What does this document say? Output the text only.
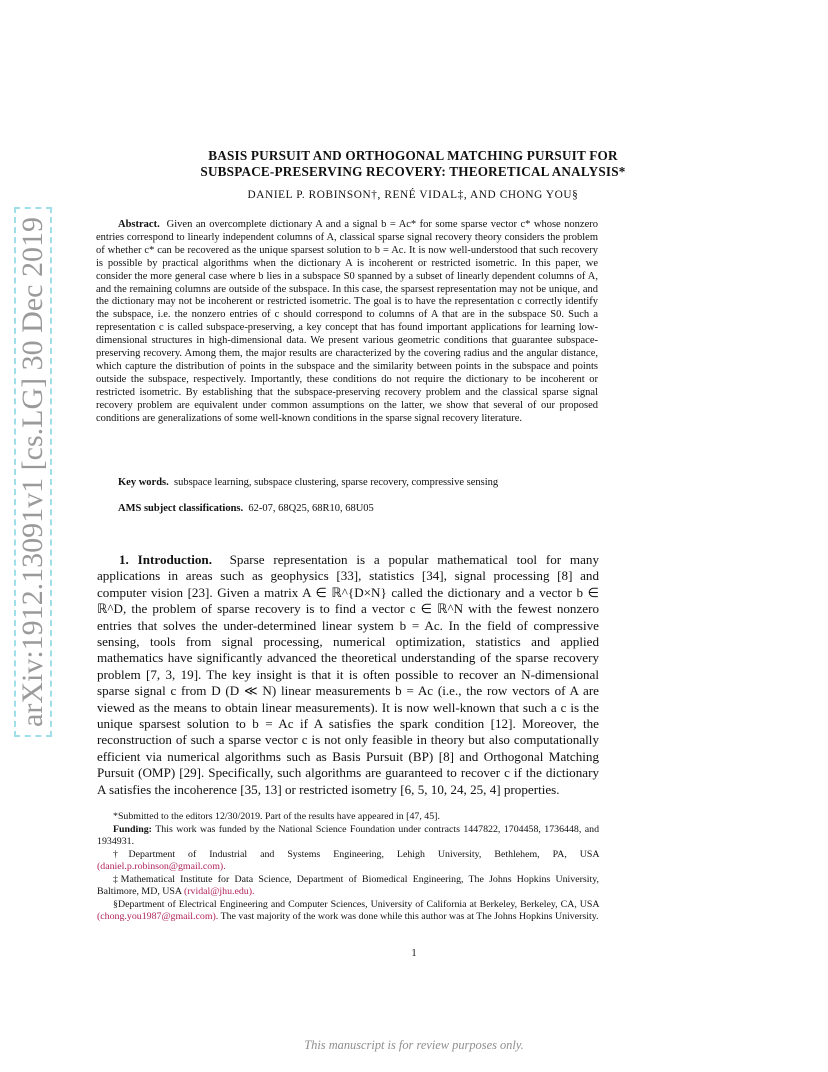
arXiv:1912.13091v1 [cs.LG] 30 Dec 2019
BASIS PURSUIT AND ORTHOGONAL MATCHING PURSUIT FOR
SUBSPACE-PRESERVING RECOVERY: THEORETICAL ANALYSIS*
DANIEL P. ROBINSON†, RENÉ VIDAL‡, AND CHONG YOU§
Abstract. Given an overcomplete dictionary A and a signal b = Ac* for some sparse vector c* whose nonzero entries correspond to linearly independent columns of A, classical sparse signal recovery theory considers the problem of whether c* can be recovered as the unique sparsest solution to b = Ac. It is now well-understood that such recovery is possible by practical algorithms when the dictionary A is incoherent or restricted isometric. In this paper, we consider the more general case where b lies in a subspace S0 spanned by a subset of linearly dependent columns of A, and the remaining columns are outside of the subspace. In this case, the sparsest representation may not be unique, and the dictionary may not be incoherent or restricted isometric. The goal is to have the representation c correctly identify the subspace, i.e. the nonzero entries of c should correspond to columns of A that are in the subspace S0. Such a representation c is called subspace-preserving, a key concept that has found important applications for learning low-dimensional structures in high-dimensional data. We present various geometric conditions that guarantee subspace-preserving recovery. Among them, the major results are characterized by the covering radius and the angular distance, which capture the distribution of points in the subspace and the similarity between points in the subspace and points outside the subspace, respectively. Importantly, these conditions do not require the dictionary to be incoherent or restricted isometric. By establishing that the subspace-preserving recovery problem and the classical sparse signal recovery problem are equivalent under common assumptions on the latter, we show that several of our proposed conditions are generalizations of some well-known conditions in the sparse signal recovery literature.
Key words. subspace learning, subspace clustering, sparse recovery, compressive sensing
AMS subject classifications. 62-07, 68Q25, 68R10, 68U05
1. Introduction. Sparse representation is a popular mathematical tool for many applications in areas such as geophysics [33], statistics [34], signal processing [8] and computer vision [23]. Given a matrix A ∈ ℝ^{D×N} called the dictionary and a vector b ∈ ℝ^D, the problem of sparse recovery is to find a vector c ∈ ℝ^N with the fewest nonzero entries that solves the under-determined linear system b = Ac. In the field of compressive sensing, tools from signal processing, numerical optimization, statistics and applied mathematics have significantly advanced the theoretical understanding of the sparse recovery problem [7, 3, 19]. The key insight is that it is often possible to recover an N-dimensional sparse signal c from D (D ≪ N) linear measurements b = Ac (i.e., the row vectors of A are viewed as the means to obtain linear measurements). It is now well-known that such a c is the unique sparsest solution to b = Ac if A satisfies the spark condition [12]. Moreover, the reconstruction of such a sparse vector c is not only feasible in theory but also computationally efficient via numerical algorithms such as Basis Pursuit (BP) [8] and Orthogonal Matching Pursuit (OMP) [29]. Specifically, such algorithms are guaranteed to recover c if the dictionary A satisfies the incoherence [35, 13] or restricted isometry [6, 5, 10, 24, 25, 4] properties.

*Submitted to the editors 12/30/2019. Part of the results have appeared in [47, 45].

Funding: This work was funded by the National Science Foundation under contracts 1447822, 1704458, 1736448, and 1934931.

†Department of Industrial and Systems Engineering, Lehigh University, Bethlehem, PA, USA (daniel.p.robinson@gmail.com).

‡Mathematical Institute for Data Science, Department of Biomedical Engineering, The Johns Hopkins University, Baltimore, MD, USA (rvidal@jhu.edu).

§Department of Electrical Engineering and Computer Sciences, University of California at Berkeley, Berkeley, CA, USA (chong.you1987@gmail.com). The vast majority of the work was done while this author was at The Johns Hopkins University.

1
This manuscript is for review purposes only.
